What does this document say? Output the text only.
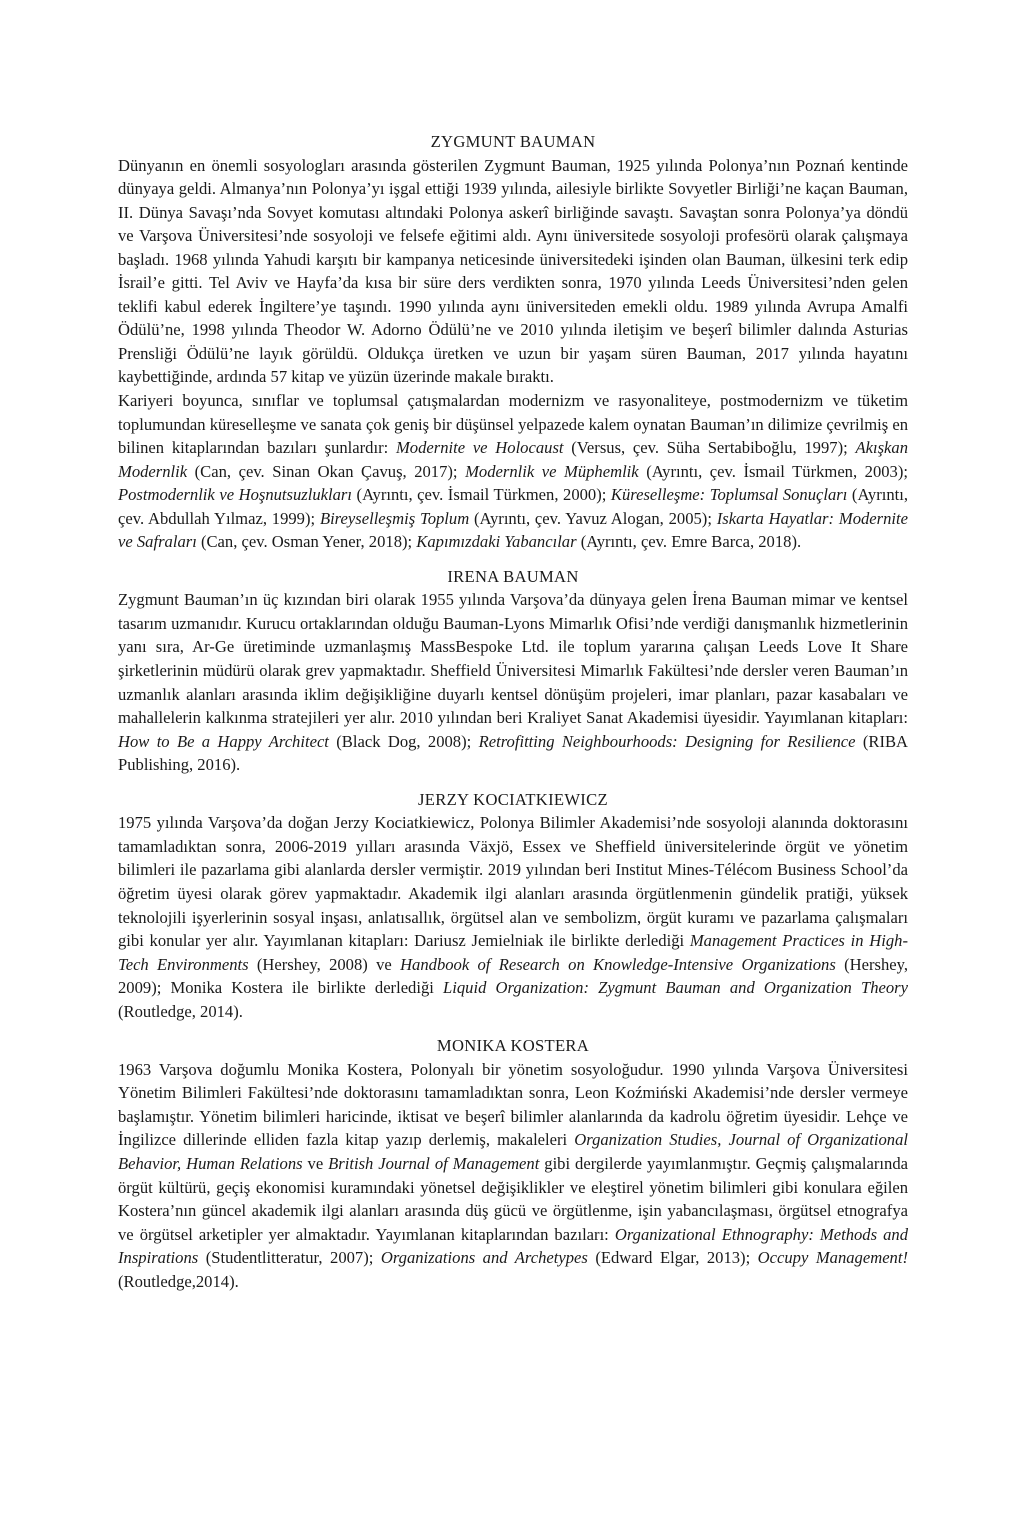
ZYGMUNT BAUMAN

Dünyanın en önemli sosyologları arasında gösterilen Zygmunt Bauman, 1925 yılında Polonya’nın Poznań kentinde dünyaya geldi. Almanya’nın Polonya’yı işgal ettiği 1939 yılında, ailesiyle birlikte Sovyetler Birliği’ne kaçan Bauman, II. Dünya Savaşı’nda Sovyet komutası altındaki Polonya askerî birliğinde savaştı. Savaştan sonra Polonya’ya döndü ve Varşova Üniversitesi’nde sosyoloji ve felsefe eğitimi aldı. Aynı üniversitede sosyoloji profesörü olarak çalışmaya başladı. 1968 yılında Yahudi karşıtı bir kampanya neticesinde üniversitedeki işinden olan Bauman, ülkesini terk edip İsrail’e gitti. Tel Aviv ve Hayfa’da kısa bir süre ders verdikten sonra, 1970 yılında Leeds Üniversitesi’nden gelen teklifi kabul ederek İngiltere’ye taşındı. 1990 yılında aynı üniversiteden emekli oldu. 1989 yılında Avrupa Amalfi Ödülü’ne, 1998 yılında Theodor W. Adorno Ödülü’ne ve 2010 yılında iletişim ve beşerî bilimler dalında Asturias Prensliği Ödülü’ne layık görüldü. Oldukça üretken ve uzun bir yaşam süren Bauman, 2017 yılında hayatını kaybettiğinde, ardında 57 kitap ve yüzün üzerinde makale bıraktı.

Kariyeri boyunca, sınıflar ve toplumsal çatışmalardan modernizm ve rasyonaliteye, postmodernizm ve tüketim toplumundan küreselleşme ve sanata çok geniş bir düşünsel yelpazede kalem oynatan Bauman’ın dilimize çevrilmiş en bilinen kitaplarından bazıları şunlardır: Modernite ve Holocaust (Versus, çev. Süha Sertabiboğlu, 1997); Akışkan Modernlik (Can, çev. Sinan Okan Çavuş, 2017); Modernlik ve Müphemlik (Ayrıntı, çev. İsmail Türkmen, 2003); Postmodernlik ve Hoşnutsuzlukları (Ayrıntı, çev. İsmail Türkmen, 2000); Küreselleşme: Toplumsal Sonuçları (Ayrıntı, çev. Abdullah Yılmaz, 1999); Bireyselleşmiş Toplum (Ayrıntı, çev. Yavuz Alogan, 2005); Iskarta Hayatlar: Modernite ve Safraları (Can, çev. Osman Yener, 2018); Kapımızdaki Yabancılar (Ayrıntı, çev. Emre Barca, 2018).

IRENA BAUMAN

Zygmunt Bauman’ın üç kızından biri olarak 1955 yılında Varşova’da dünyaya gelen İrena Bauman mimar ve kentsel tasarım uzmanıdır. Kurucu ortaklarından olduğu Bauman-Lyons Mimarlık Ofisi’nde verdiği danışmanlık hizmetlerinin yanı sıra, Ar-Ge üretiminde uzmanlaşmış MassBespoke Ltd. ile toplum yararına çalışan Leeds Love It Share şirketlerinin müdürü olarak grev yapmaktadır. Sheffield Üniversitesi Mimarlık Fakültesi’nde dersler veren Bauman’ın uzmanlık alanları arasında iklim değişikliğine duyarlı kentsel dönüşüm projeleri, imar planları, pazar kasabaları ve mahallelerin kalkınma stratejileri yer alır. 2010 yılından beri Kraliyet Sanat Akademisi üyesidir. Yayımlanan kitapları: How to Be a Happy Architect (Black Dog, 2008); Retrofitting Neighbourhoods: Designing for Resilience (RIBA Publishing, 2016).

JERZY KOCIATKIEWICZ

1975 yılında Varşova’da doğan Jerzy Kociatkiewicz, Polonya Bilimler Akademisi’nde sosyoloji alanında doktorasını tamamladıktan sonra, 2006-2019 yılları arasında Växjö, Essex ve Sheffield üniversitelerinde örgüt ve yönetim bilimleri ile pazarlama gibi alanlarda dersler vermiştir. 2019 yılından beri Institut Mines-Télécom Business School’da öğretim üyesi olarak görev yapmaktadır. Akademik ilgi alanları arasında örgütlenmenin gündelik pratiği, yüksek teknolojili işyerlerinin sosyal inşası, anlatısallık, örgütsel alan ve sembolizm, örgüt kuramı ve pazarlama çalışmaları gibi konular yer alır. Yayımlanan kitapları: Dariusz Jemielniak ile birlikte derlediği Management Practices in High-Tech Environments (Hershey, 2008) ve Handbook of Research on Knowledge-Intensive Organizations (Hershey, 2009); Monika Kostera ile birlikte derlediği Liquid Organization: Zygmunt Bauman and Organization Theory (Routledge, 2014).

MONIKA KOSTERA

1963 Varşova doğumlu Monika Kostera, Polonyalı bir yönetim sosyoloğudur. 1990 yılında Varşova Üniversitesi Yönetim Bilimleri Fakültesi’nde doktorasını tamamladıktan sonra, Leon Koźmiński Akademisi’nde dersler vermeye başlamıştır. Yönetim bilimleri haricinde, iktisat ve beşerî bilimler alanlarında da kadrolu öğretim üyesidir. Lehçe ve İngilizce dillerinde elliden fazla kitap yazıp derlemiş, makaleleri Organization Studies, Journal of Organizational Behavior, Human Relations ve British Journal of Management gibi dergilerde yayımlanmıştır. Geçmiş çalışmalarında örgüt kültürü, geçiş ekonomisi kuramındaki yönetsel değişiklikler ve eleştirel yönetim bilimleri gibi konulara eğilen Kostera’nın güncel akademik ilgi alanları arasında düş gücü ve örgütlenme, işin yabancılaşması, örgütsel etnografya ve örgütsel arketipler yer almaktadır. Yayımlanan kitaplarından bazıları: Organizational Ethnography: Methods and Inspirations (Studentlitteratur, 2007); Organizations and Archetypes (Edward Elgar, 2013); Occupy Management! (Routledge,2014).
